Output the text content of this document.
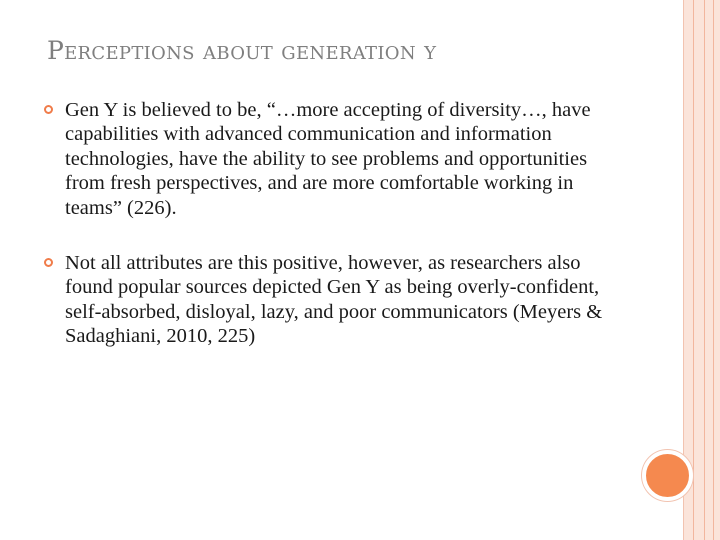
Perceptions about generation y
Gen Y is believed to be, “…more accepting of diversity…, have capabilities with advanced communication and information technologies, have the ability to see problems and opportunities from fresh perspectives, and are more comfortable working in teams” (226).
Not all attributes are this positive, however, as researchers also found popular sources depicted Gen Y as being overly-confident, self-absorbed, disloyal, lazy, and poor communicators (Meyers & Sadaghiani, 2010, 225)
